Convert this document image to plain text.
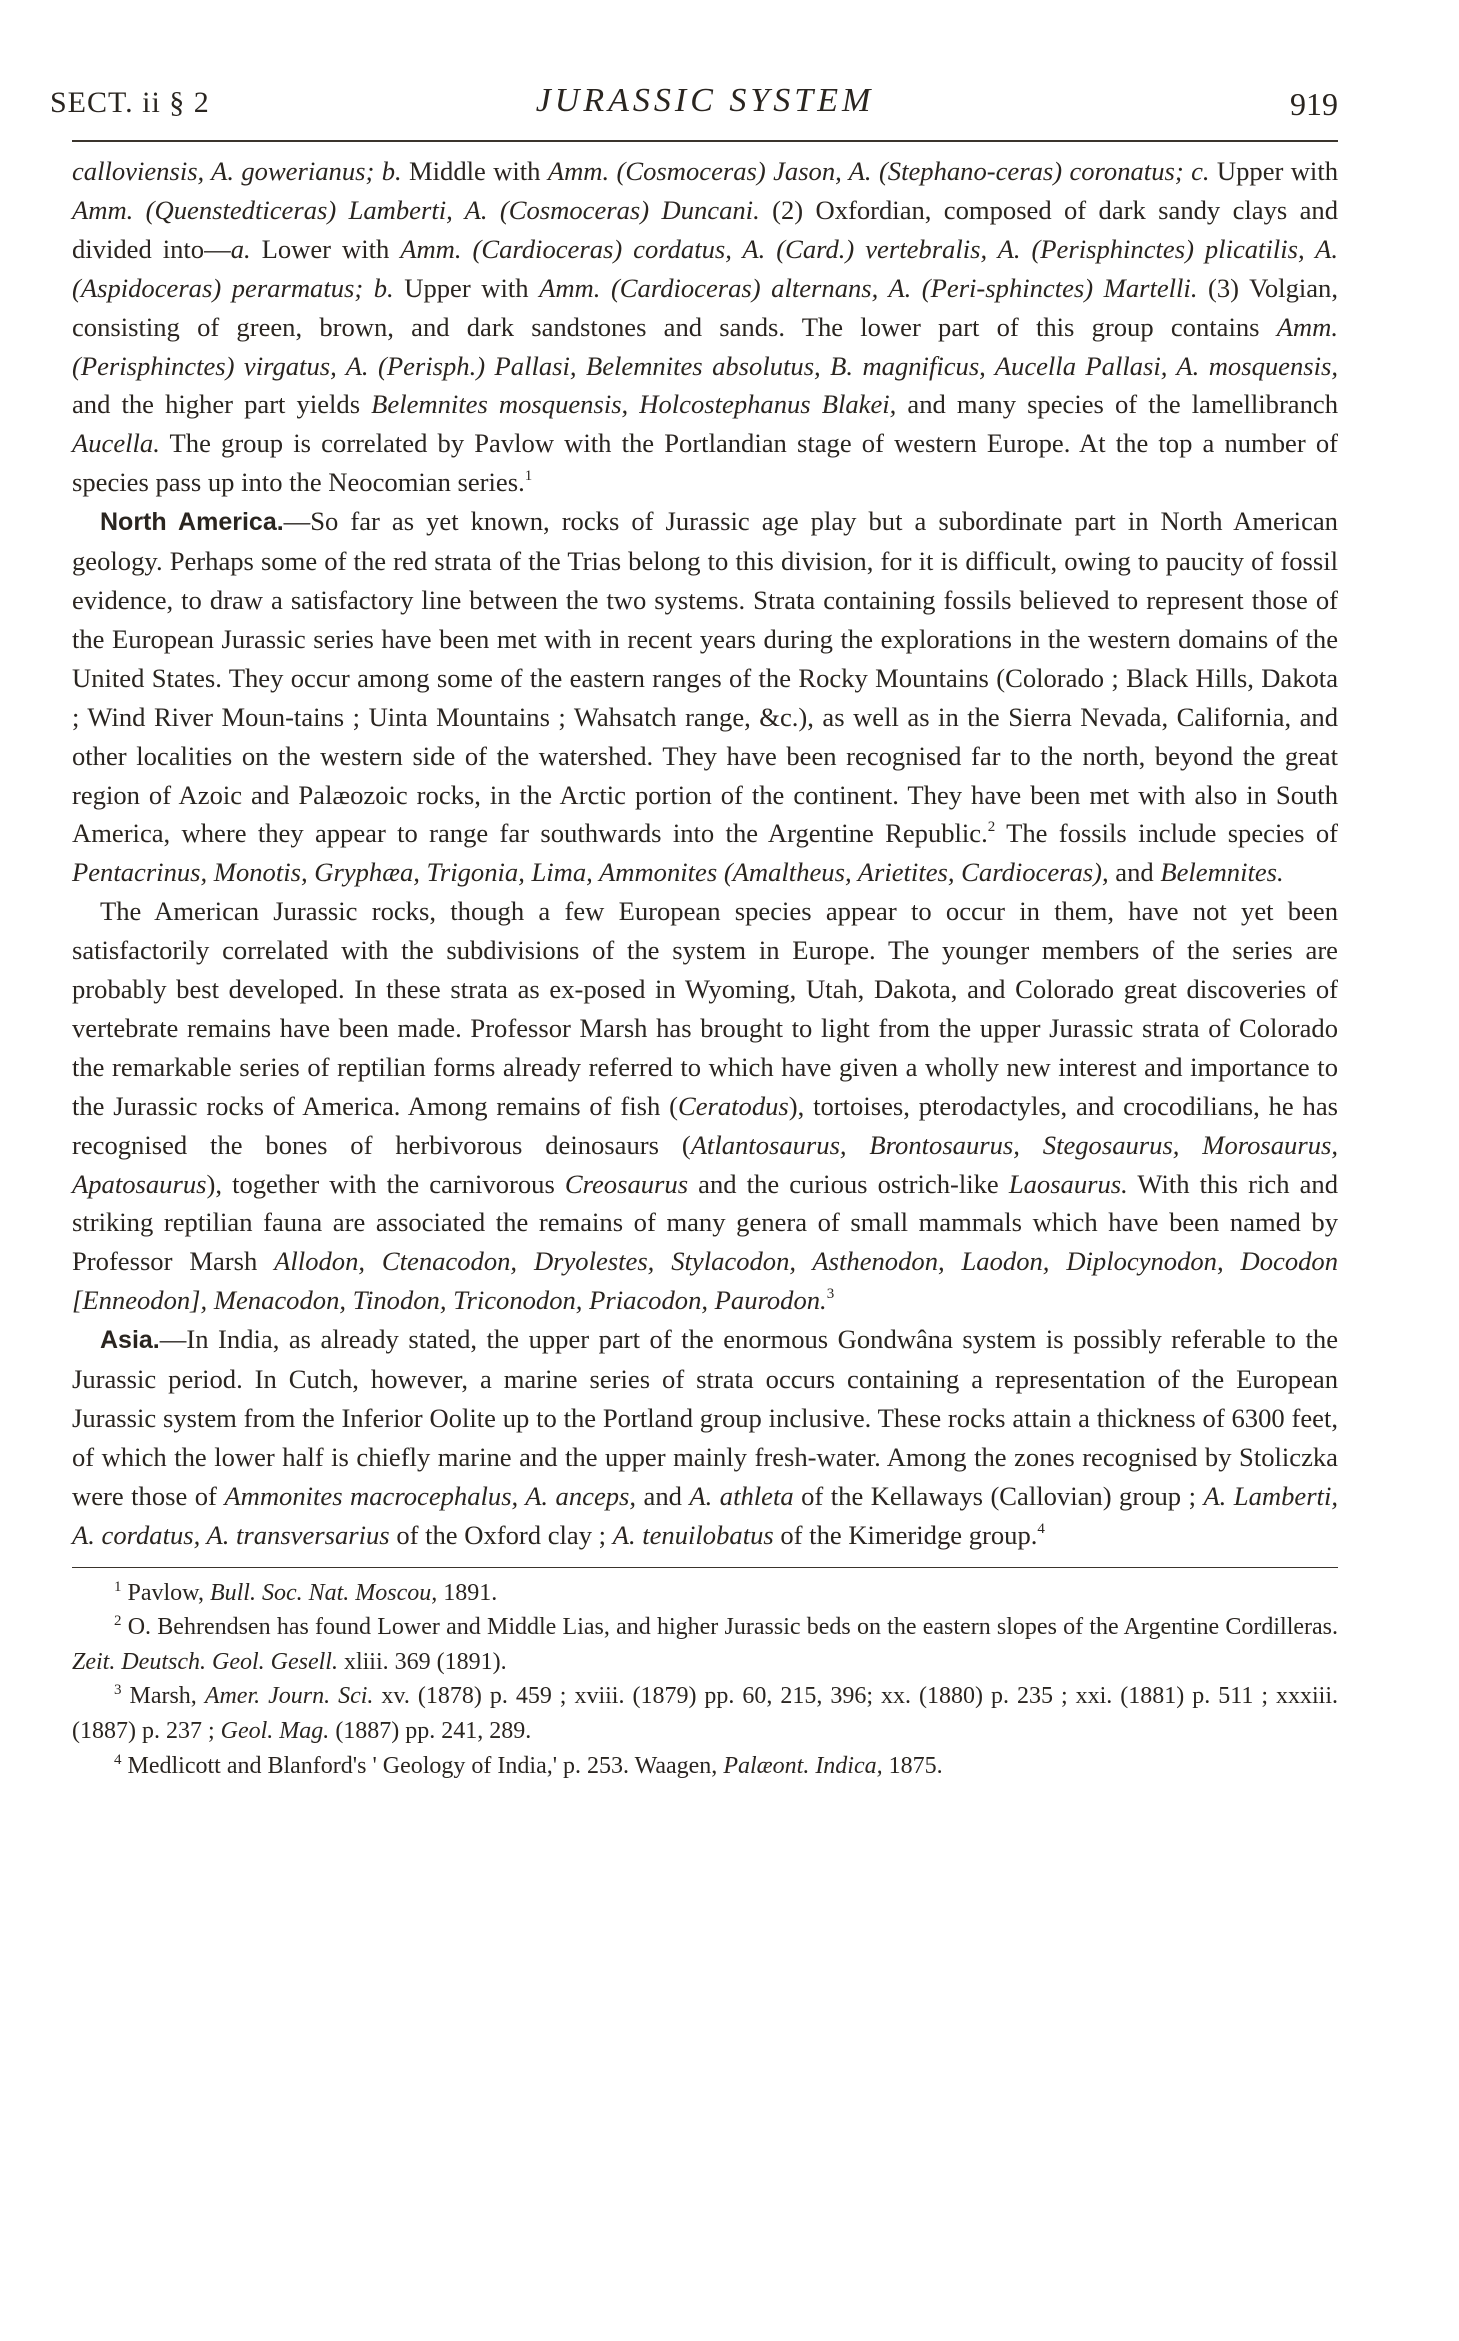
SECT. ii § 2	JURASSIC SYSTEM	919

calloviensis, A. gowerianus; b. Middle with Amm. (Cosmoceras) Jason, A. (Stephano-ceras) coronatus; c. Upper with Amm. (Quenstedticeras) Lamberti, A. (Cosmoceras) Duncani. (2) Oxfordian, composed of dark sandy clays and divided into—a. Lower with Amm. (Cardioceras) cordatus, A. (Card.) vertebralis, A. (Perisphinctes) plicatilis, A. (Aspidoceras) perarmatus; b. Upper with Amm. (Cardioceras) alternans, A. (Peri-sphinctes) Martelli. (3) Volgian, consisting of green, brown, and dark sandstones and sands. The lower part of this group contains Amm. (Perisphinctes) virgatus, A. (Perisph.) Pallasi, Belemnites absolutus, B. magnificus, Aucella Pallasi, A. mosquensis, and the higher part yields Belemnites mosquensis, Holcostephanus Blakei, and many species of the lamellibranch Aucella. The group is correlated by Pavlow with the Portlandian stage of western Europe. At the top a number of species pass up into the Neocomian series.$^1$

North America.—So far as yet known, rocks of Jurassic age play but a subordinate part in North American geology. Perhaps some of the red strata of the Trias belong to this division, for it is difficult, owing to paucity of fossil evidence, to draw a satisfactory line between the two systems. Strata containing fossils believed to represent those of the European Jurassic series have been met with in recent years during the explorations in the western domains of the United States. They occur among some of the eastern ranges of the Rocky Mountains (Colorado ; Black Hills, Dakota ; Wind River Moun-tains ; Uinta Mountains ; Wahsatch range, &c.), as well as in the Sierra Nevada, California, and other localities on the western side of the watershed. They have been recognised far to the north, beyond the great region of Azoic and Palæozoic rocks, in the Arctic portion of the continent. They have been met with also in South America, where they appear to range far southwards into the Argentine Republic.$^2$ The fossils include species of Pentacrinus, Monotis, Gryphæa, Trigonia, Lima, Ammonites (Amaltheus, Arietites, Cardioceras), and Belemnites.

The American Jurassic rocks, though a few European species appear to occur in them, have not yet been satisfactorily correlated with the subdivisions of the system in Europe. The younger members of the series are probably best developed. In these strata as ex-posed in Wyoming, Utah, Dakota, and Colorado great discoveries of vertebrate remains have been made. Professor Marsh has brought to light from the upper Jurassic strata of Colorado the remarkable series of reptilian forms already referred to which have given a wholly new interest and importance to the Jurassic rocks of America. Among remains of fish (Ceratodus), tortoises, pterodactyles, and crocodilians, he has recognised the bones of herbivorous deinosaurs (Atlantosaurus, Brontosaurus, Stegosaurus, Morosaurus, Apatosaurus), together with the carnivorous Creosaurus and the curious ostrich-like Laosaurus. With this rich and striking reptilian fauna are associated the remains of many genera of small mammals which have been named by Professor Marsh Allodon, Ctenacodon, Dryolestes, Stylacodon, Asthenodon, Laodon, Diplocynodon, Docodon [Enneodon], Menacodon, Tinodon, Triconodon, Priacodon, Paurodon.$^3$

Asia.—In India, as already stated, the upper part of the enormous Gondwâna system is possibly referable to the Jurassic period. In Cutch, however, a marine series of strata occurs containing a representation of the European Jurassic system from the Inferior Oolite up to the Portland group inclusive. These rocks attain a thickness of 6300 feet, of which the lower half is chiefly marine and the upper mainly fresh-water. Among the zones recognised by Stoliczka were those of Ammonites macrocephalus, A. anceps, and A. athleta of the Kellaways (Callovian) group ; A. Lamberti, A. cordatus, A. transversarius of the Oxford clay ; A. tenuilobatus of the Kimeridge group.$^4$

$^1$ Pavlow, Bull. Soc. Nat. Moscou, 1891.

$^2$ O. Behrendsen has found Lower and Middle Lias, and higher Jurassic beds on the eastern slopes of the Argentine Cordilleras. Zeit. Deutsch. Geol. Gesell. xliii. 369 (1891).

$^3$ Marsh, Amer. Journ. Sci. xv. (1878) p. 459 ; xviii. (1879) pp. 60, 215, 396; xx. (1880) p. 235 ; xxi. (1881) p. 511 ; xxxiii. (1887) p. 237 ; Geol. Mag. (1887) pp. 241, 289.

$^4$ Medlicott and Blanford's ' Geology of India,' p. 253. Waagen, Palæont. Indica, 1875.
